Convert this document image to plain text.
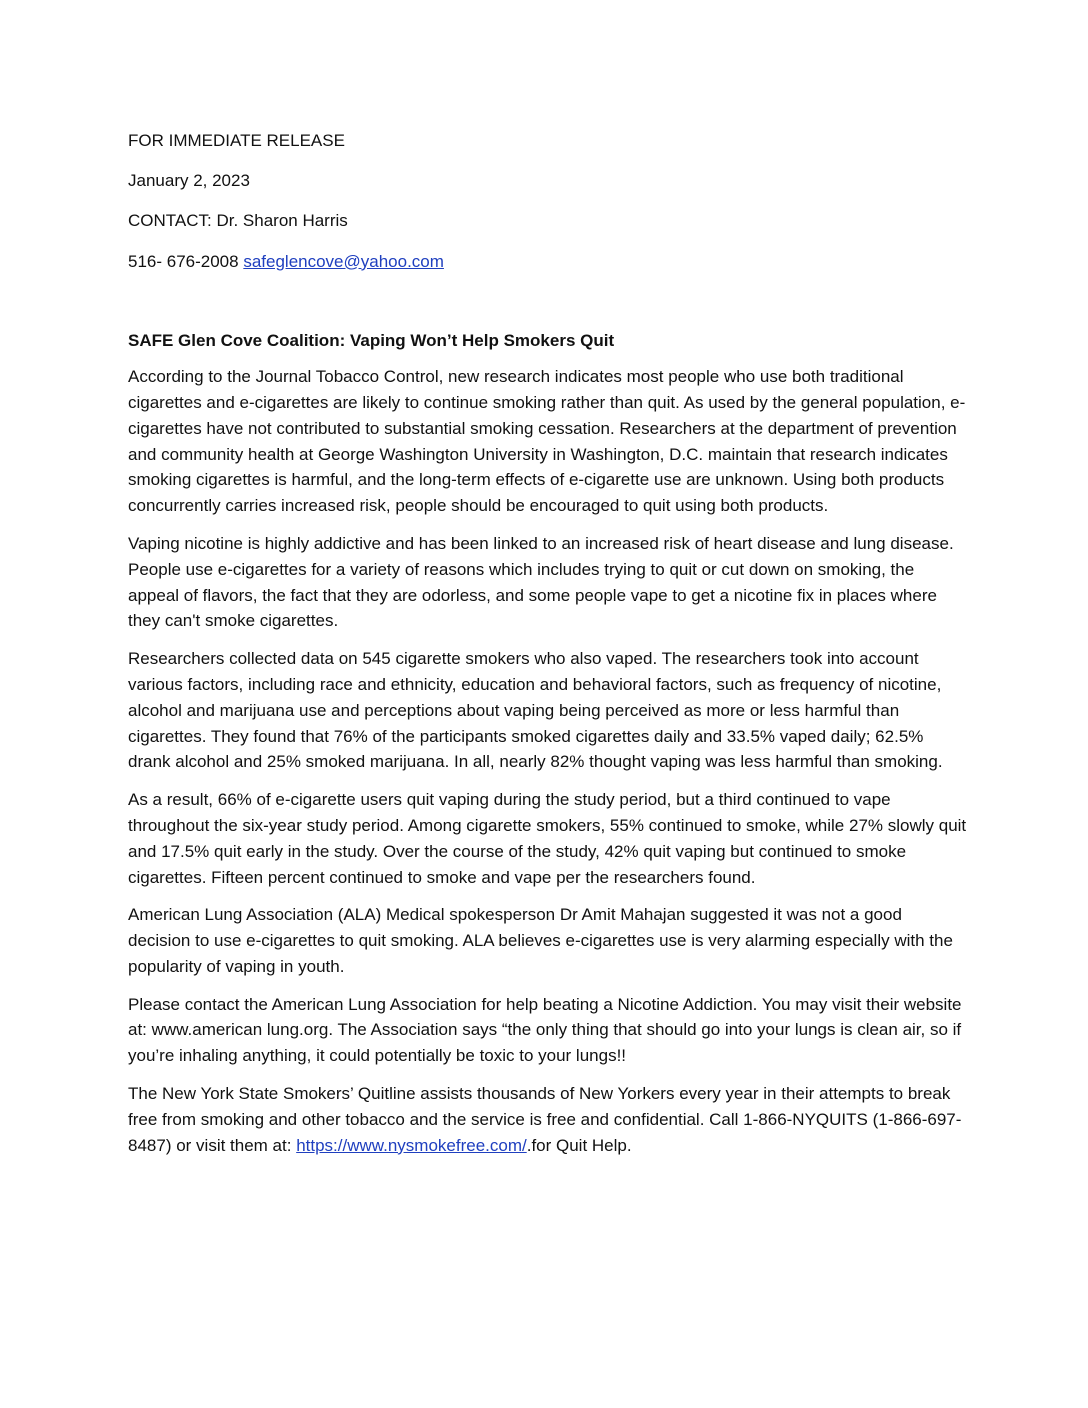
FOR IMMEDIATE RELEASE
January 2, 2023
CONTACT: Dr. Sharon Harris
516- 676-2008 safeglencove@yahoo.com
SAFE Glen Cove Coalition: Vaping Won’t Help Smokers Quit

According to the Journal Tobacco Control, new research indicates most people who use both traditional cigarettes and e-cigarettes are likely to continue smoking rather than quit. As used by the general population, e-cigarettes have not contributed to substantial smoking cessation. Researchers at the department of prevention and community health at George Washington University in Washington, D.C. maintain that research indicates smoking cigarettes is harmful, and the long-term effects of e-cigarette use are unknown. Using both products concurrently carries increased risk, people should be encouraged to quit using both products.

Vaping nicotine is highly addictive and has been linked to an increased risk of heart disease and lung disease. People use e-cigarettes for a variety of reasons which includes trying to quit or cut down on smoking, the appeal of flavors, the fact that they are odorless, and some people vape to get a nicotine fix in places where they can't smoke cigarettes.

Researchers collected data on 545 cigarette smokers who also vaped. The researchers took into account various factors, including race and ethnicity, education and behavioral factors, such as frequency of nicotine, alcohol and marijuana use and perceptions about vaping being perceived as more or less harmful than cigarettes. They found that 76% of the participants smoked cigarettes daily and 33.5% vaped daily; 62.5% drank alcohol and 25% smoked marijuana. In all, nearly 82% thought vaping was less harmful than smoking.

As a result, 66% of e-cigarette users quit vaping during the study period, but a third continued to vape throughout the six-year study period. Among cigarette smokers, 55% continued to smoke, while 27% slowly quit and 17.5% quit early in the study. Over the course of the study, 42% quit vaping but continued to smoke cigarettes. Fifteen percent continued to smoke and vape per the researchers found.

American Lung Association (ALA) Medical spokesperson Dr Amit Mahajan suggested it was not a good decision to use e-cigarettes to quit smoking. ALA believes e-cigarettes use is very alarming especially with the popularity of vaping in youth.

Please contact the American Lung Association for help beating a Nicotine Addiction. You may visit their website at: www.american lung.org. The Association says “the only thing that should go into your lungs is clean air, so if you’re inhaling anything, it could potentially be toxic to your lungs!!

The New York State Smokers’ Quitline assists thousands of New Yorkers every year in their attempts to break free from smoking and other tobacco and the service is free and confidential. Call 1-866-NYQUITS (1-866-697-8487) or visit them at: https://www.nysmokefree.com/.for Quit Help.
